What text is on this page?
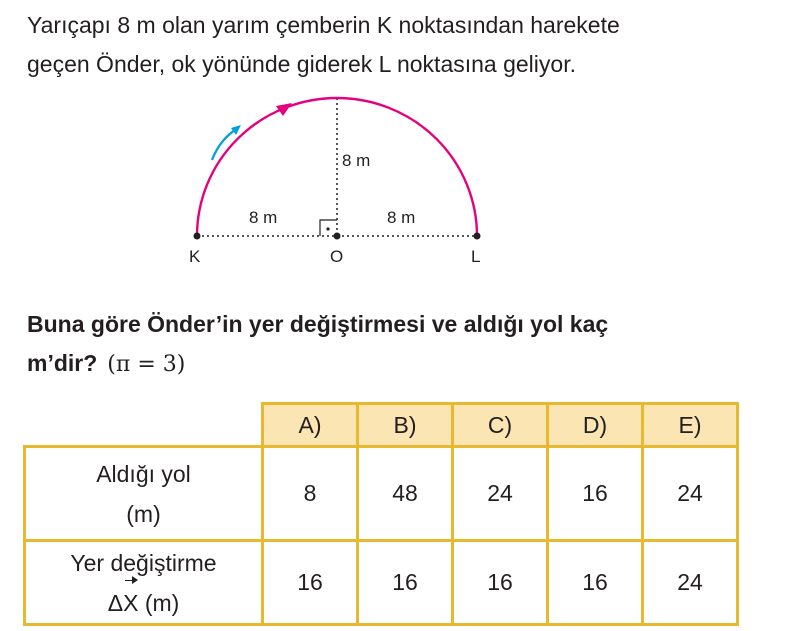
Yarıçapı 8 m olan yarım çemberin K noktasından harekete
geçen Önder, ok yönünde giderek L noktasına geliyor.
8 m	8 m
8 m
K	O	L
Buna göre Önder’in yer değiştirmesi ve aldığı yol kaç
m’dir? (π = 3)
	A)	B)	C)	D)	E)

Aldığı yol
(m)	8	48	24	16	24

Yer değiştirme
ΔX (m)	16	16	16	16	24
